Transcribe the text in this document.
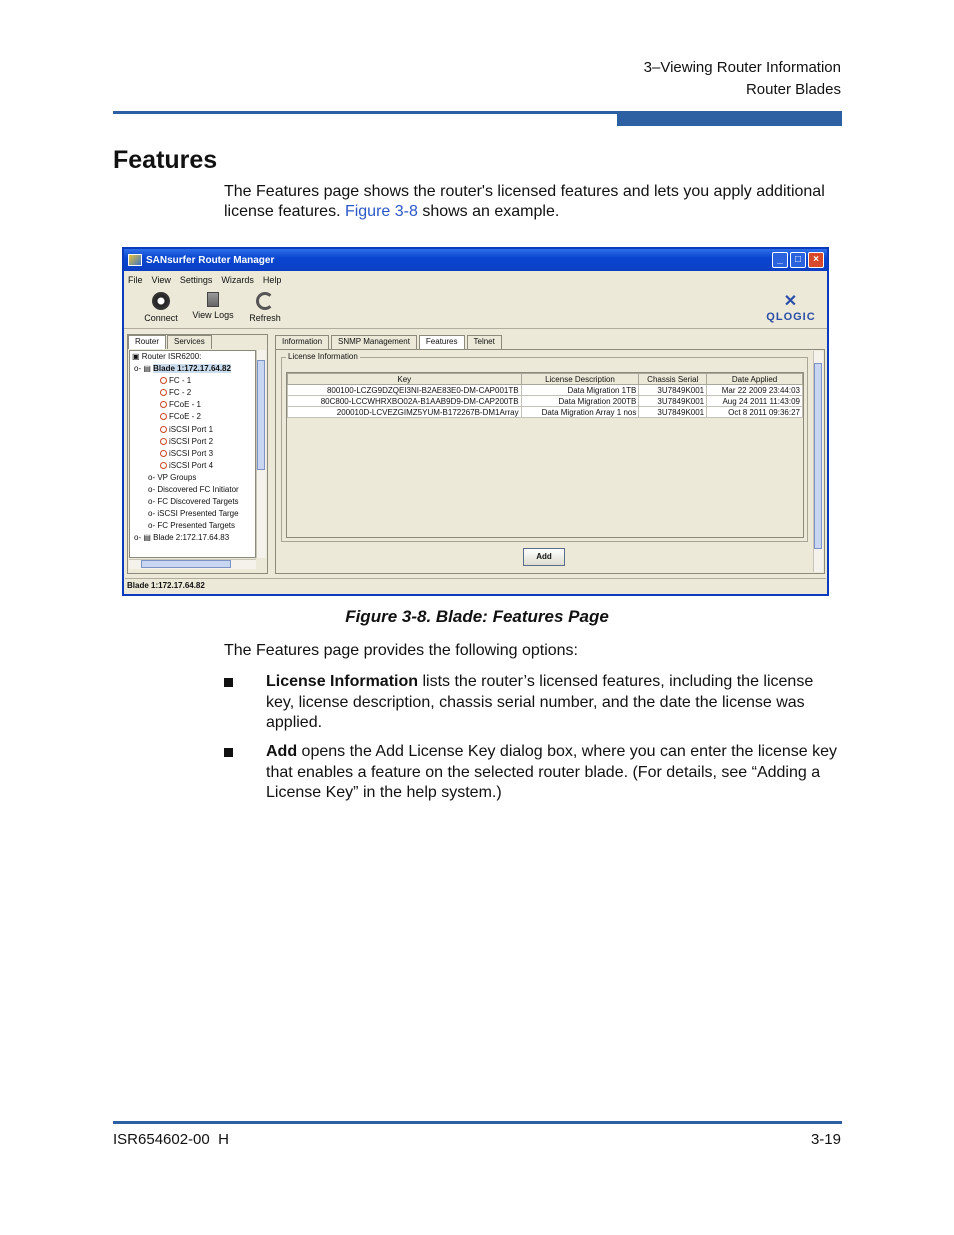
3–Viewing Router Information
Router Blades
Features

The Features page shows the router's licensed features and lets you apply additional license features. Figure 3-8 shows an example.

SANsurfer Router Manager	_	□	×
File View Settings Wizards Help
Connect View Logs Refresh
✕
QLOGIC
Router	Services
▣ Router ISR6200:
o- ▤ Blade 1:172.17.64.82
FC - 1
FC - 2
FCoE - 1
FCoE - 2
iSCSI Port 1
iSCSI Port 2
iSCSI Port 3
iSCSI Port 4
o- VP Groups
o- Discovered FC Initiator
o- FC Discovered Targets
o- iSCSI Presented Targe
o- FC Presented Targets
o- ▤ Blade 2:172.17.64.83
Information	SNMP Management	Features	Telnet
License Information
Key	License Description	Chassis Serial	Date Applied
800100-LCZG9DZQEI3NI-B2AE83E0-DM-CAP001TB	Data Migration 1TB	3U7849K001	Mar 22 2009 23:44:03
80C800-LCCWHRXBO02A-B1AAB9D9-DM-CAP200TB	Data Migration 200TB	3U7849K001	Aug 24 2011 11:43:09
200010D-LCVEZGIMZ5YUM-B172267B-DM1Array	Data Migration Array 1 nos	3U7849K001	Oct 8 2011 09:36:27
Add
Blade 1:172.17.64.82
Figure 3-8. Blade: Features Page

The Features page provides the following options:

License Information lists the router’s licensed features, including the license key, license description, chassis serial number, and the date the license was applied.
Add opens the Add License Key dialog box, where you can enter the license key that enables a feature on the selected router blade. (For details, see “Adding a License Key” in the help system.)
ISR654602-00  H	3-19
